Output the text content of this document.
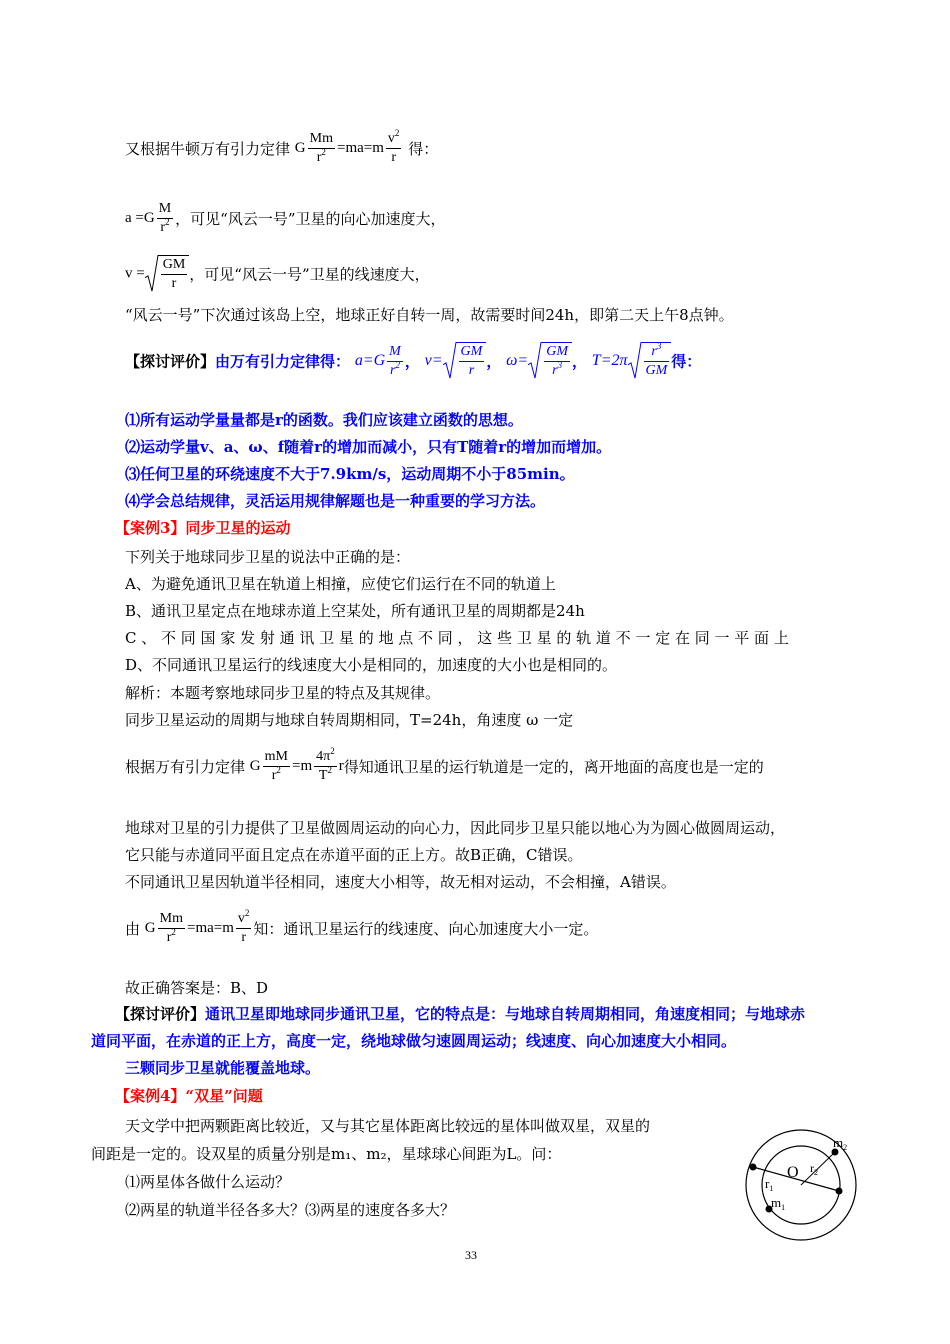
又根据牛顿万有引力定律 G $\frac{Mm}{r^2} =ma=m \frac{v^2}{r}$ 得：
$a =G \frac{M}{r^2}$ ，可见“风云一号”卫星的向心加速度大，
$v = \frac{GM}{r}$ ，可见“风云一号”卫星的线速度大，
“风云一号”下次通过该岛上空，地球正好自转一周，故需要时间24h，即第二天上午8点钟。
【探讨评价】由万有引力定律得： $a=G \frac{M}{r^2}$ ， $v= \frac{GM}{r}$ ， $\omega= \frac{GM}{r^3}$ ， $T=2\pi \frac{r^3}{GM}$ 得：
⑴所有运动学量量都是r的函数。我们应该建立函数的思想。
⑵运动学量v、a、ω、f随着r的增加而减小，只有T随着r的增加而增加。
⑶任何卫星的环绕速度不大于7.9km/s，运动周期不小于85min。
⑷学会总结规律，灵活运用规律解题也是一种重要的学习方法。
【案例3】同步卫星的运动
下列关于地球同步卫星的说法中正确的是：
A、为避免通讯卫星在轨道上相撞，应使它们运行在不同的轨道上
B、通讯卫星定点在地球赤道上空某处，所有通讯卫星的周期都是24h
C 、 不 同 国 家 发 射 通 讯 卫 星 的 地 点 不 同 ， 这 些 卫 星 的 轨 道 不 一 定 在 同 一 平 面 上
D、不同通讯卫星运行的线速度大小是相同的，加速度的大小也是相同的。
解析：本题考察地球同步卫星的特点及其规律。
同步卫星运动的周期与地球自转周期相同，T=24h，角速度 ω 一定
根据万有引力定律 G $\frac{mM}{r^2} =m \frac{4\pi^2}{T^2}$ r得知通讯卫星的运行轨道是一定的，离开地面的高度也是一定的
地球对卫星的引力提供了卫星做圆周运动的向心力，因此同步卫星只能以地心为为圆心做圆周运动，
它只能与赤道同平面且定点在赤道平面的正上方。故B正确，C错误。
不同通讯卫星因轨道半径相同，速度大小相等，故无相对运动，不会相撞，A错误。
由 G $\frac{Mm}{r^2} =ma=m \frac{v^2}{r}$ 知：通讯卫星运行的线速度、向心加速度大小一定。
故正确答案是：B、D
【探讨评价】通讯卫星即地球同步通讯卫星，它的特点是：与地球自转周期相同，角速度相同；与地球赤
道同平面，在赤道的正上方，高度一定，绕地球做匀速圆周运动；线速度、向心加速度大小相同。
三颗同步卫星就能覆盖地球。
【案例4】“双星”问题
天文学中把两颗距离比较近，又与其它星体距离比较远的星体叫做双星，双星的
间距是一定的。设双星的质量分别是m₁、m₂，星球球心间距为L。问：
⑴两星体各做什么运动？
⑵两星的轨道半径各多大？⑶两星的速度各多大？
$m_2$
$r_2$
O
$r_1$
$m_1$
33
